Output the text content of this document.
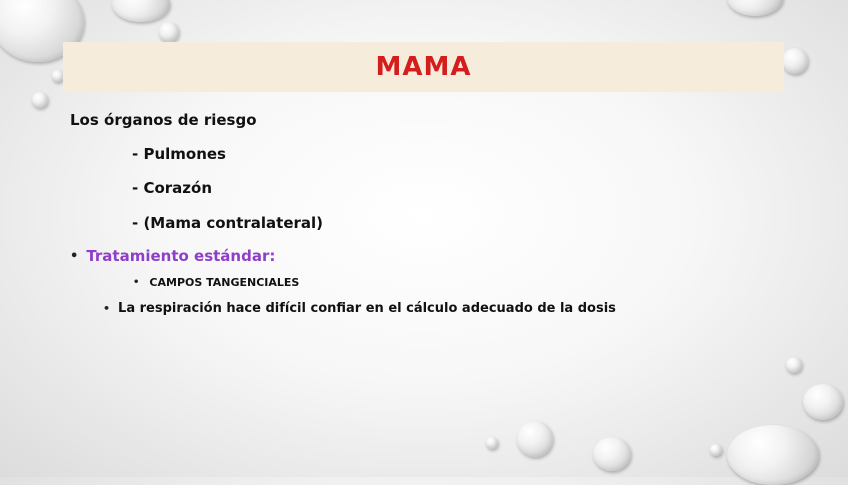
MAMA
Los órganos de riesgo
- Pulmones
- Corazón
- (Mama contralateral)
• Tratamiento estándar:
• CAMPOS TANGENCIALES
• La respiración hace difícil confiar en el cálculo adecuado de la dosis
